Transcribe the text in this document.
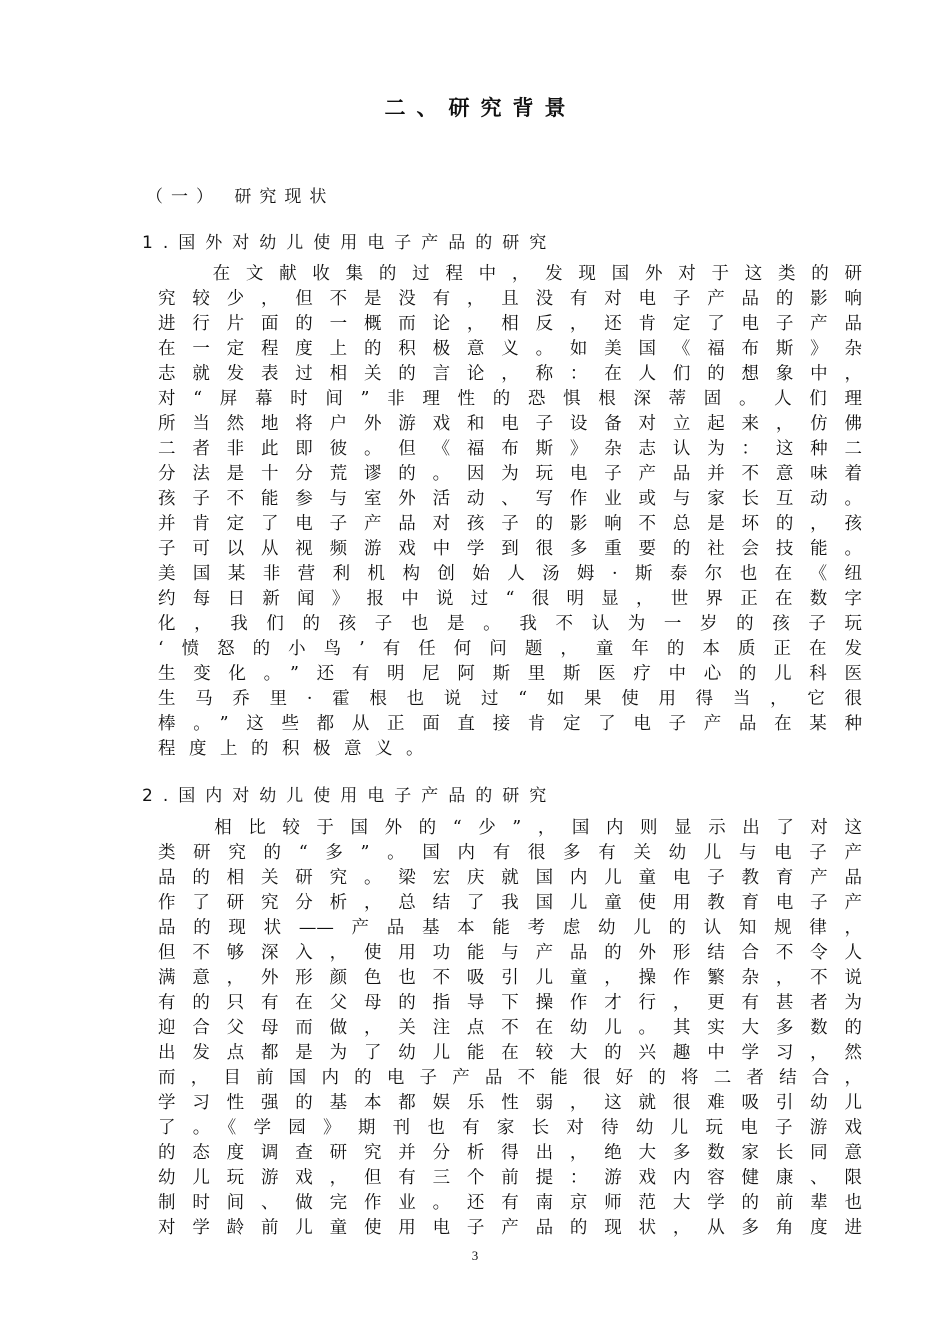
二、研究背景
（一） 研究现状
1.国外对幼儿使用电子产品的研究
　 在文献收集的过程中，发现国外对于这类的研
究较少，但不是没有，且没有对电子产品的影响
进行片面的一概而论，相反，还肯定了电子产品
在一定程度上的积极意义。如美国《福布斯》杂
志就发表过相关的言论，称：在人们的想象中，
对“屏幕时间”非理性的恐惧根深蒂固。人们理
所当然地将户外游戏和电子设备对立起来，仿佛
二者非此即彼。但《福布斯》杂志认为：这种二
分法是十分荒谬的。因为玩电子产品并不意味着
孩子不能参与室外活动、写作业或与家长互动。
并肯定了电子产品对孩子的影响不总是坏的，孩
子可以从视频游戏中学到很多重要的社会技能。
美国某非营利机构创始人汤姆·斯泰尔也在《纽
约每日新闻》报中说过“很明显，世界正在数字
化，我们的孩子也是。我不认为一岁的孩子玩
‘愤怒的小鸟’有任何问题，童年的本质正在发
生变化。”还有明尼阿斯里斯医疗中心的儿科医
生马乔里·霍根也说过“如果使用得当，它很
棒。”这些都从正面直接肯定了电子产品在某种
程度上的积极意义。
2.国内对幼儿使用电子产品的研究
　 相比较于国外的“少”，国内则显示出了对这
类研究的“多”。国内有很多有关幼儿与电子产
品的相关研究。梁宏庆就国内儿童电子教育产品
作了研究分析，总结了我国儿童使用教育电子产
品的现状——产品基本能考虑幼儿的认知规律，
但不够深入，使用功能与产品的外形结合不令人
满意，外形颜色也不吸引儿童，操作繁杂，不说
有的只有在父母的指导下操作才行，更有甚者为
迎合父母而做，关注点不在幼儿。其实大多数的
出发点都是为了幼儿能在较大的兴趣中学习，然
而，目前国内的电子产品不能很好的将二者结合，
学习性强的基本都娱乐性弱，这就很难吸引幼儿
了。《学园》期刊也有家长对待幼儿玩电子游戏
的态度调查研究并分析得出，绝大多数家长同意
幼儿玩游戏，但有三个前提：游戏内容健康、限
制时间、做完作业。还有南京师范大学的前辈也
对学龄前儿童使用电子产品的现状，从多角度进
3
